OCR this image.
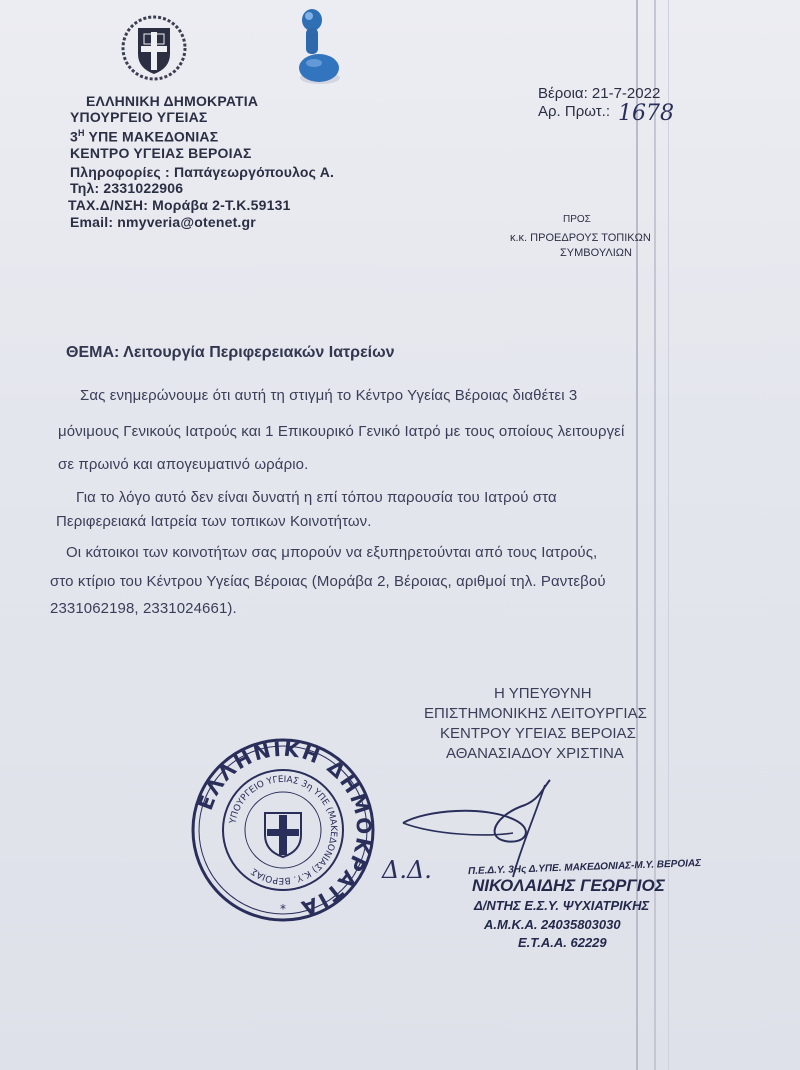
ΕΛΛΗΝΙΚΗ ΔΗΜΟΚΡΑΤΙΑ
ΥΠΟΥΡΓΕΙΟ ΥΓΕΙΑΣ
$3^H$ ΥΠΕ ΜΑΚΕΔΟΝΙΑΣ
ΚΕΝΤΡΟ ΥΓΕΙΑΣ ΒΕΡΟΙΑΣ
Πληροφορίες : Παπάγεωργόπουλος Α.
Τηλ: 2331022906
ΤΑΧ.Δ/ΝΣΗ: Μοράβα 2-Τ.Κ.59131
Email: nmyveria@otenet.gr
Βέροια: 21-7-2022
Αρ. Πρωτ.: 1678
ΠΡΟΣ
κ.κ. ΠΡΟΕΔΡΟΥΣ ΤΟΠΙΚΩΝ
ΣΥΜΒΟΥΛΙΩΝ
ΘΕΜΑ: Λειτουργία Περιφερειακών Ιατρείων
Σας ενημερώνουμε ότι αυτή τη στιγμή το Κέντρο Υγείας Βέροιας διαθέτει 3
μόνιμους Γενικούς Ιατρούς και 1 Επικουρικό Γενικό Ιατρό με τους οποίους λειτουργεί
σε πρωινό και απογευματινό ωράριο.
Για το λόγο αυτό δεν είναι δυνατή η επί τόπου παρουσία του Ιατρού στα
Περιφερειακά Ιατρεία των τοπικων Κοινοτήτων.
Οι κάτοικοι των κοινοτήτων σας μπορούν να εξυπηρετούνται από τους Ιατρούς,
στο κτίριο του Κέντρου Υγείας Βέροιας (Μοράβα 2, Βέροιας, αριθμοί τηλ. Ραντεβού
2331062198, 2331024661).
Η ΥΠΕΥΘΥΝΗ
ΕΠΙΣΤΗΜΟΝΙΚΗΣ ΛΕΙΤΟΥΡΓΙΑΣ
ΚΕΝΤΡΟΥ ΥΓΕΙΑΣ ΒΕΡΟΙΑΣ
ΑΘΑΝΑΣΙΑΔΟΥ ΧΡΙΣΤΙΝΑ
Δ.Δ.
ΕΛΛΗΝΙΚΗ ΔΗΜΟΚΡΑΤΙΑ
ΥΠΟΥΡΓΕΙΟ ΥΓΕΙΑΣ 3η ΥΠΕ (ΜΑΚΕΔΟΝΙΑΣ) Κ.Υ. ΒΕΡΟΙΑΣ
*
Π.Ε.Δ.Υ. 3Ης Δ.ΥΠΕ. ΜΑΚΕΔΟΝΙΑΣ-Μ.Υ. ΒΕΡΟΙΑΣ
ΝΙΚΟΛΑΙΔΗΣ ΓΕΩΡΓΙΟΣ
Δ/ΝΤΗΣ Ε.Σ.Υ. ΨΥΧΙΑΤΡΙΚΗΣ
Α.Μ.Κ.Α. 24035803030
Ε.Τ.Α.Α. 62229
